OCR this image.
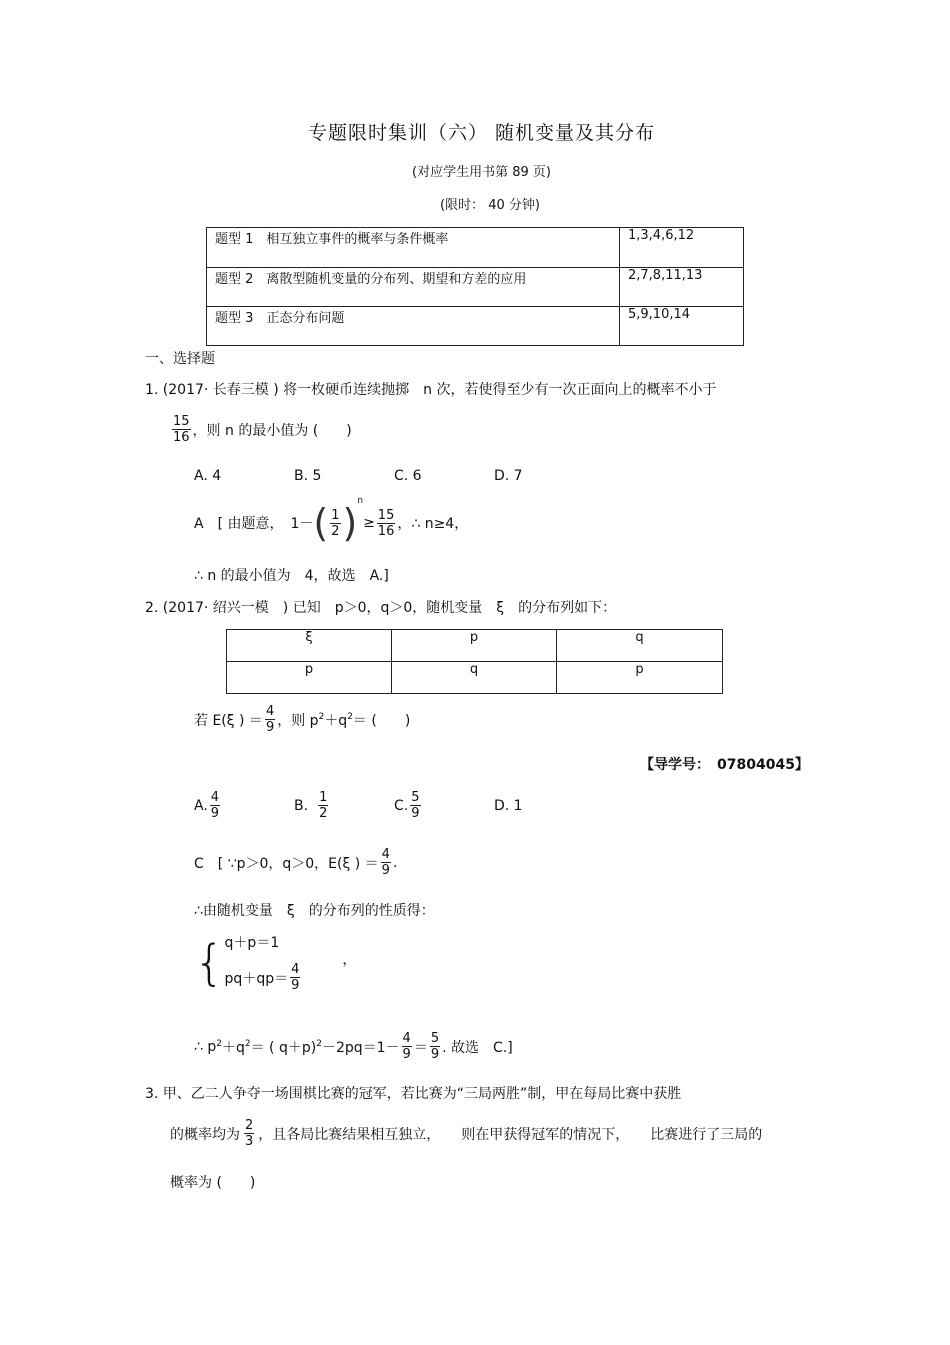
专题限时集训（六） 随机变量及其分布
(对应学生用书第 89 页)
(限时： 40 分钟)
题型 1　相互独立事件的概率与条件概率	1,3,4,6,12
题型 2　离散型随机变量的分布列、期望和方差的应用	2,7,8,11,13
题型 3　正态分布问题	5,9,10,14
一、选择题
1. (2017· 长春三模 ) 将一枚硬币连续抛掷　n 次，若使得至少有一次正面向上的概率不小于
$\frac{15}{16}$ ，则 n 的最小值为 (　　)
A. 4	B. 5	C. 6	D. 7
A　[ 由题意，　1－ ( $\frac{1}{2}$ ) n
≥ $\frac{15}{16}$ ，∴ n≥4，
∴ n 的最小值为　4，故选　A.]
2. (2017· 绍兴一模　) 已知　p＞0，q＞0，随机变量　ξ　的分布列如下：
ξ	p	q
p	q	p
若 E(ξ ) ＝ $\frac{4}{9}$ ，则 p 2 ＋q 2 ＝ (　　)
【导学号：　07804045】
A. $\frac{4}{9}$	B. $\frac{1}{2}$	C. $\frac{5}{9}$	D. 1
C　[ ∵p＞0，q＞0，E(ξ ) ＝ $\frac{4}{9}$ .
∴由随机变量　ξ　的分布列的性质得：
{ q＋p＝1
$pq+qp= \frac{4}{9}$
，
∴ p 2 ＋q 2 ＝ ( q＋p) $2 -2pq=1- \frac{4}{9} = \frac{5}{9}$ . 故选　C.]
3. 甲、乙二人争夺一场围棋比赛的冠军，若比赛为“三局两胜”制，甲在每局比赛中获胜
的概率均为 $\frac{2}{3}$ ，且各局比赛结果相互独立，　　则在甲获得冠军的情况下，　　比赛进行了三局的
概率为 (　　)
